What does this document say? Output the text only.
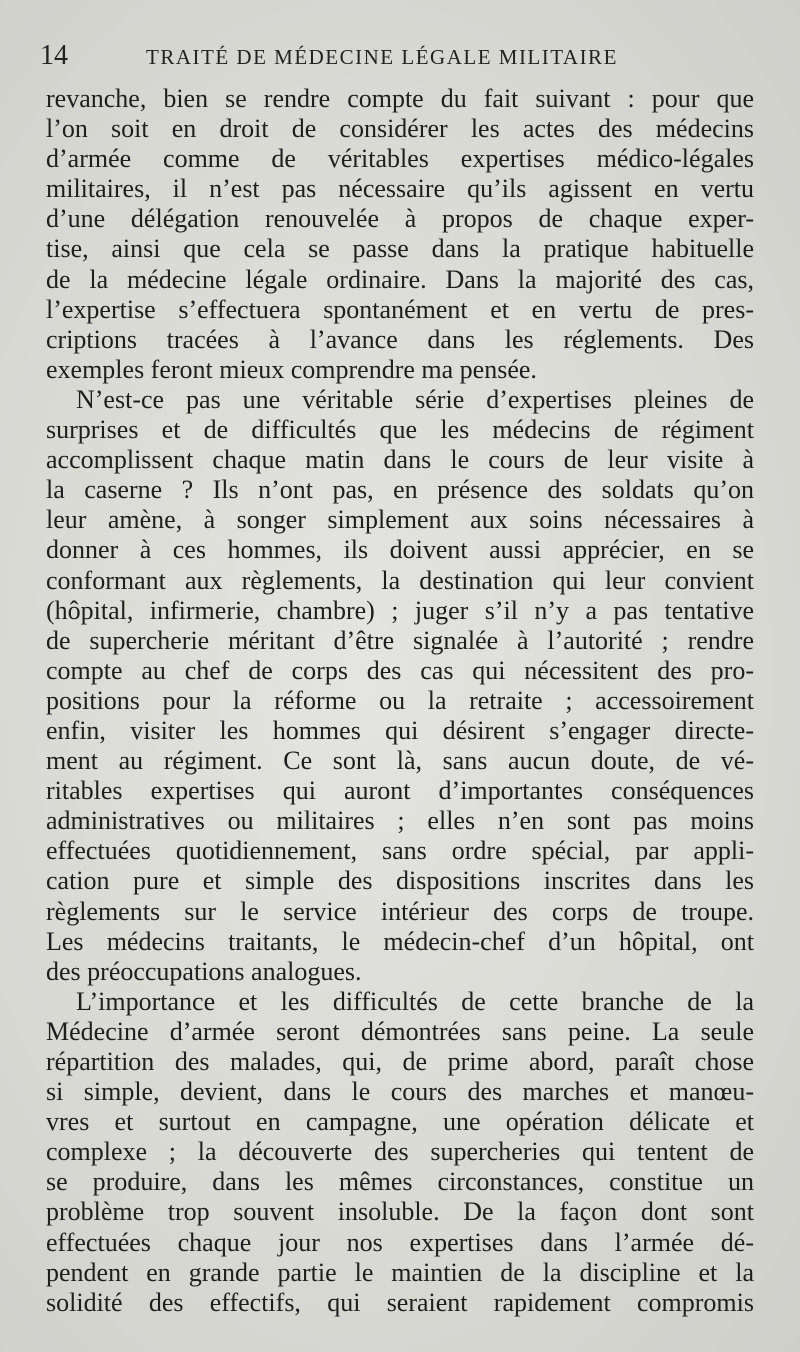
14	TRAITÉ DE MÉDECINE LÉGALE MILITAIRE
revanche, bien se rendre compte du fait suivant : pour que
l’on soit en droit de considérer les actes des médecins
d’armée comme de véritables expertises médico-légales
militaires, il n’est pas nécessaire qu’ils agissent en vertu
d’une délégation renouvelée à propos de chaque exper-
tise, ainsi que cela se passe dans la pratique habituelle
de la médecine légale ordinaire. Dans la majorité des cas,
l’expertise s’effectuera spontanément et en vertu de pres-
criptions tracées à l’avance dans les réglements. Des
exemples feront mieux comprendre ma pensée.
N’est-ce pas une véritable série d’expertises pleines de
surprises et de difficultés que les médecins de régiment
accomplissent chaque matin dans le cours de leur visite à
la caserne ? Ils n’ont pas, en présence des soldats qu’on
leur amène, à songer simplement aux soins nécessaires à
donner à ces hommes, ils doivent aussi apprécier, en se
conformant aux règlements, la destination qui leur convient
(hôpital, infirmerie, chambre) ; juger s’il n’y a pas tentative
de supercherie méritant d’être signalée à l’autorité ; rendre
compte au chef de corps des cas qui nécessitent des pro-
positions pour la réforme ou la retraite ; accessoirement
enfin, visiter les hommes qui désirent s’engager directe-
ment au régiment. Ce sont là, sans aucun doute, de vé-
ritables expertises qui auront d’importantes conséquences
administratives ou militaires ; elles n’en sont pas moins
effectuées quotidiennement, sans ordre spécial, par appli-
cation pure et simple des dispositions inscrites dans les
règlements sur le service intérieur des corps de troupe.
Les médecins traitants, le médecin-chef d’un hôpital, ont
des préoccupations analogues.
L’importance et les difficultés de cette branche de la
Médecine d’armée seront démontrées sans peine. La seule
répartition des malades, qui, de prime abord, paraît chose
si simple, devient, dans le cours des marches et manœu-
vres et surtout en campagne, une opération délicate et
complexe ; la découverte des supercheries qui tentent de
se produire, dans les mêmes circonstances, constitue un
problème trop souvent insoluble. De la façon dont sont
effectuées chaque jour nos expertises dans l’armée dé-
pendent en grande partie le maintien de la discipline et la
solidité des effectifs, qui seraient rapidement compromis
